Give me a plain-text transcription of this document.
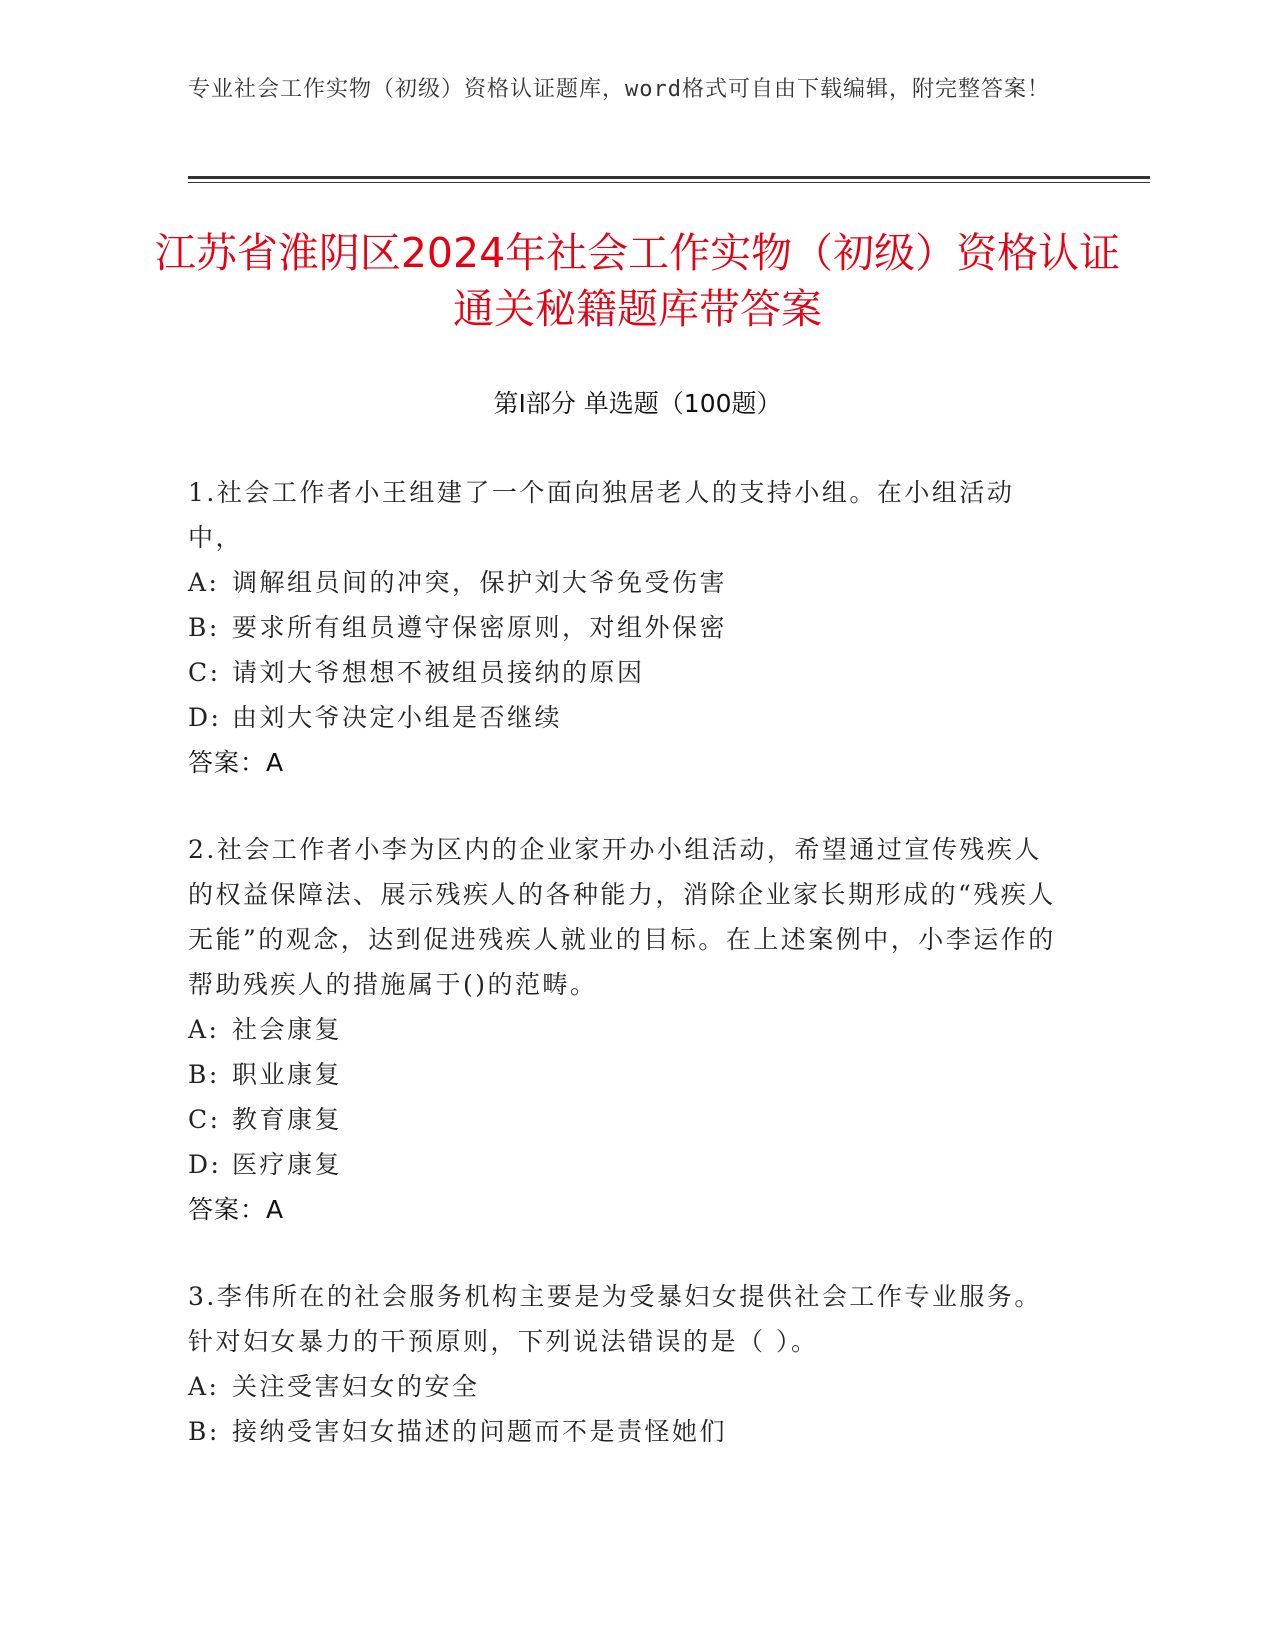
专业社会工作实物（初级）资格认证题库，word格式可自由下载编辑，附完整答案！
江苏省淮阴区2024年社会工作实物（初级）资格认证通关秘籍题库带答案
第Ⅰ部分 单选题（100题）

1.社会工作者小王组建了一个面向独居老人的支持小组。在小组活动中，

A: 调解组员间的冲突，保护刘大爷免受伤害
B: 要求所有组员遵守保密原则，对组外保密
C: 请刘大爷想想不被组员接纳的原因
D: 由刘大爷决定小组是否继续
答案：A

2.社会工作者小李为区内的企业家开办小组活动，希望通过宣传残疾人的权益保障法、展示残疾人的各种能力，消除企业家长期形成的“残疾人无能”的观念，达到促进残疾人就业的目标。在上述案例中，小李运作的帮助残疾人的措施属于()的范畴。

A: 社会康复
B: 职业康复
C: 教育康复
D: 医疗康复
答案：A

3.李伟所在的社会服务机构主要是为受暴妇女提供社会工作专业服务。针对妇女暴力的干预原则，下列说法错误的是（ ）。

A: 关注受害妇女的安全
B: 接纳受害妇女描述的问题而不是责怪她们
